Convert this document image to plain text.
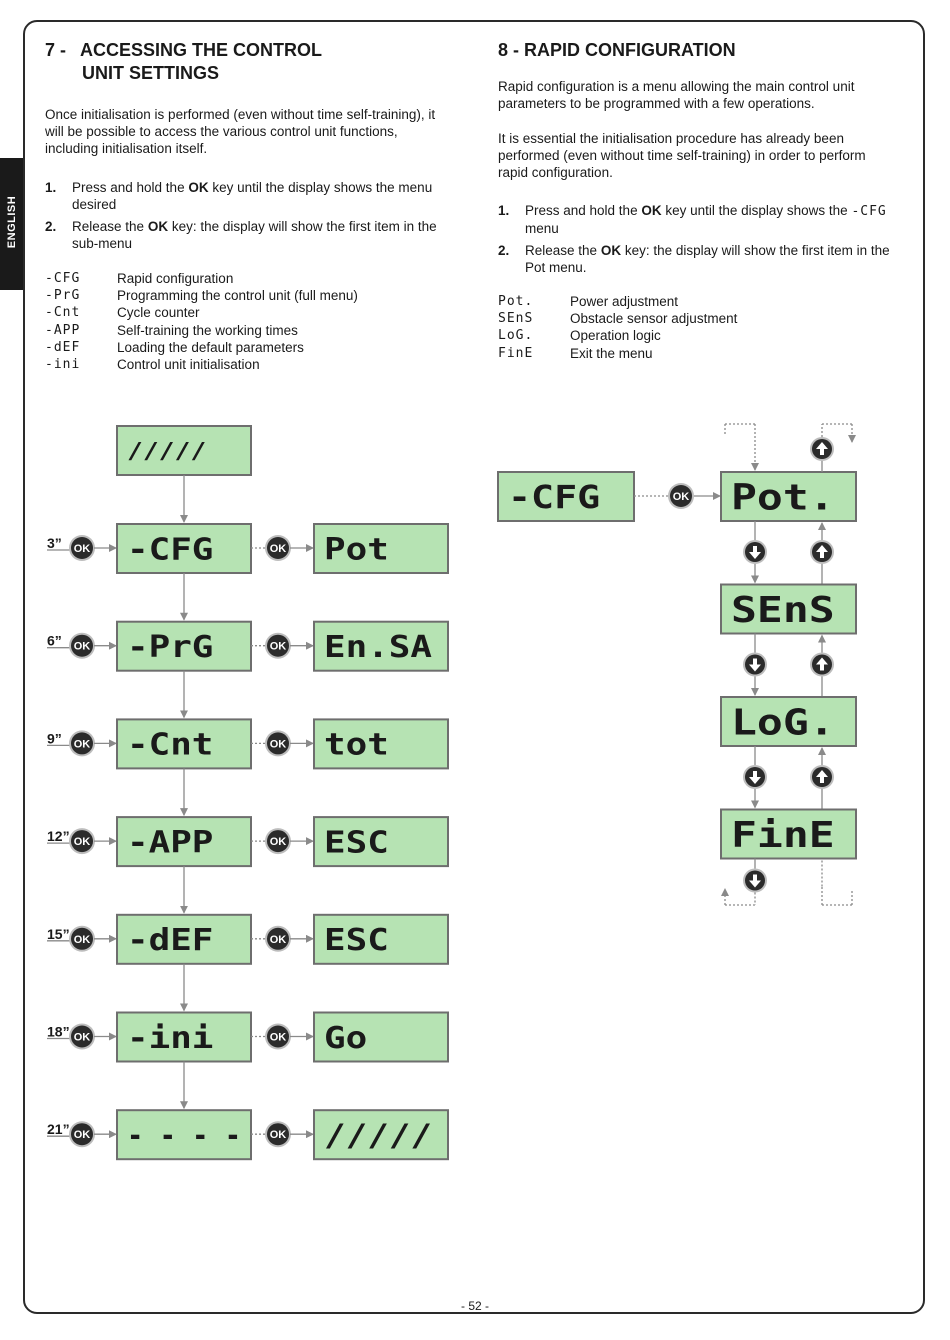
ENGLISH
7 - ACCESSING THE CONTROL
UNIT SETTINGS

Once initialisation is performed (even without time self-training), it will be possible to access the various control unit functions, including initialisation itself.

1. Press and hold the OK key until the display shows the menu desired
2. Release the OK key: the display will show the first item in the sub-menu
-CFG	Rapid configuration
-PrG	Programming the control unit (full menu)
-Cnt	Cycle counter
-APP	Self-training the working times
-dEF	Loading the default parameters
-ini	Control unit initialisation
8 - RAPID CONFIGURATION

Rapid configuration is a menu allowing the main control unit parameters to be programmed with a few operations.

It is essential the initialisation procedure has already been performed (even without time self-training) in order to perform rapid configuration.

1. Press and hold the OK key until the display shows the -CFG menu
2. Release the OK key: the display will show the first item in the Pot menu.
Pot.	Power adjustment
SEnS	Obstacle sensor adjustment
LoG.	Operation logic
FinE	Exit the menu
/////
3” OK -CFG	OK Pot
6” OK -PrG	OK En.SA
9” OK -Cnt	OK tot
12” OK -APP	OK ESC
15” OK -dEF	OK ESC
18” OK -ini	OK Go
21” OK - - - -	OK /////
-CFG	OK Pot.
SEnS
LoG.
FinE
- 52 -
